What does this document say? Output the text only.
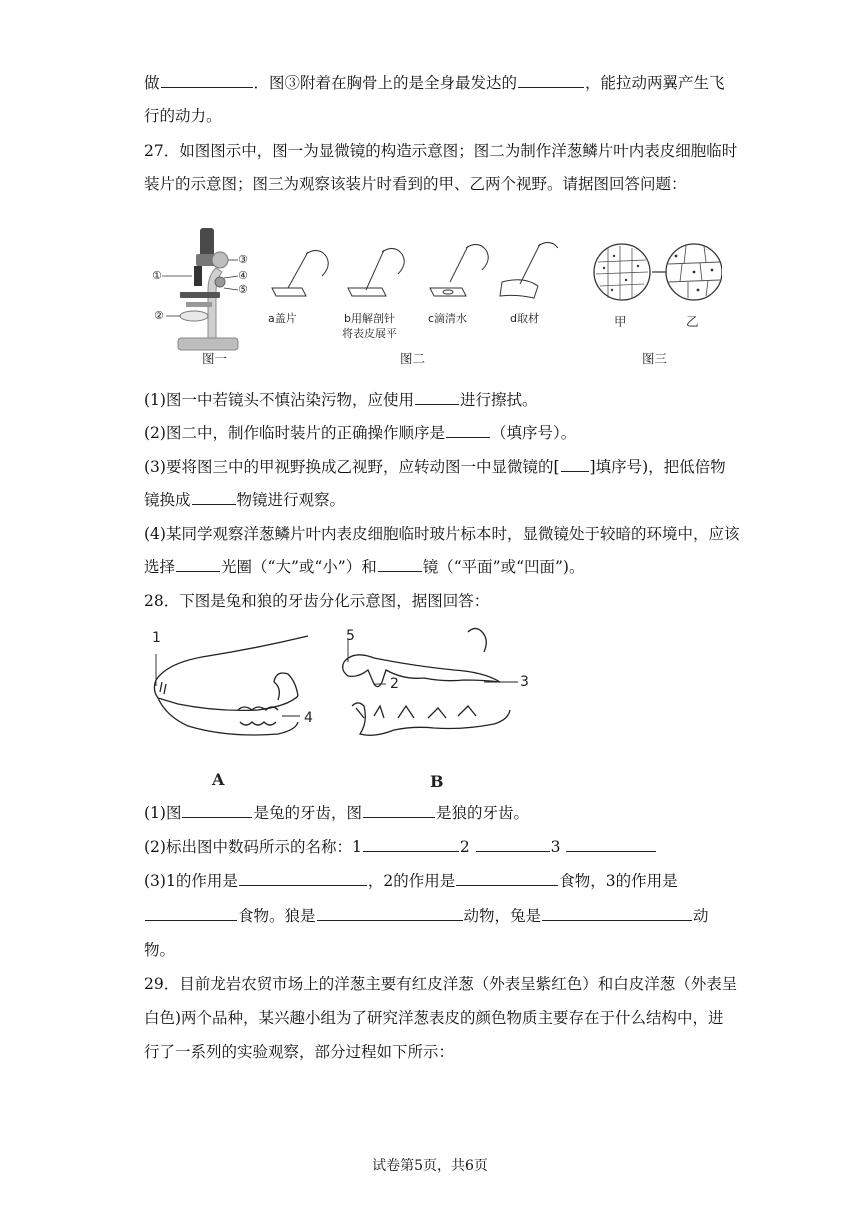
做	．图③附着在胸骨上的是全身最发达的	，能拉动两翼产生飞
行的动力。
27．如图图示中，图一为显微镜的构造示意图；图二为制作洋葱鳞片叶内表皮细胞临时
装片的示意图；图三为观察该装片时看到的甲、乙两个视野。请据图回答问题：
①
②
③
④
⑤
图一
a盖片	b用解剖针
将表皮展平
c滴清水	d取材
图二
甲	乙
图三
(1)图一中若镜头不慎沾染污物，应使用	进行擦拭。
(2)图二中，制作临时装片的正确操作顺序是	（填序号）。
(3)要将图三中的甲视野换成乙视野，应转动图一中显微镜的[ ]填序号)，把低倍物
镜换成	物镜进行观察。
(4)某同学观察洋葱鳞片叶内表皮细胞临时玻片标本时，显微镜处于较暗的环境中，应该
选择	光圈（“大”或“小”）和	镜（“平面”或“凹面”)。
28．下图是兔和狼的牙齿分化示意图，据图回答：
1
4
A
5
2	3
B
(1)图	是兔的牙齿，图	是狼的牙齿。
(2)标出图中数码所示的名称：1	2	3
(3)1的作用是	，2的作用是	食物，3的作用是
食物。狼是	动物，兔是	动
物。
29．目前龙岩农贸市场上的洋葱主要有红皮洋葱（外表呈紫红色）和白皮洋葱（外表呈
白色)两个品种，某兴趣小组为了研究洋葱表皮的颜色物质主要存在于什么结构中，进
行了一系列的实验观察，部分过程如下所示：
试卷第5页，共6页
